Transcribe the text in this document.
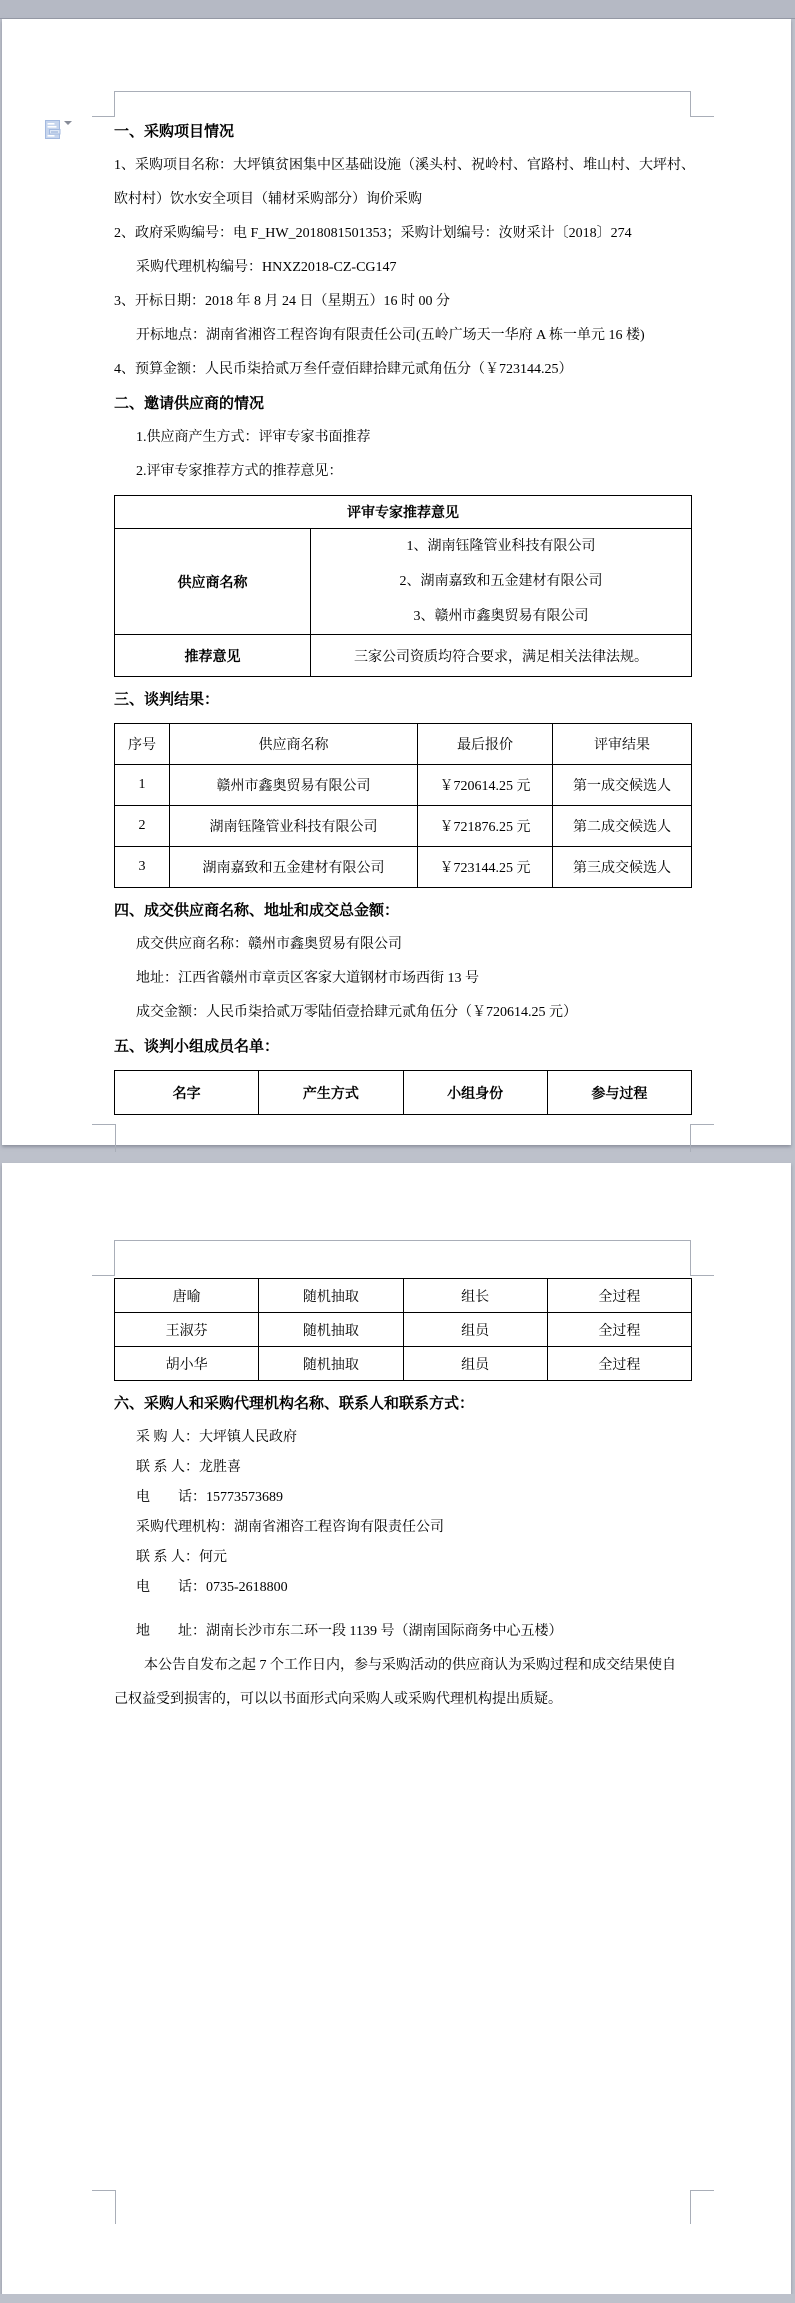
一、采购项目情况
1、采购项目名称：大坪镇贫困集中区基础设施（溪头村、祝岭村、官路村、堆山村、大坪村、
欧村村）饮水安全项目（辅材采购部分）询价采购
2、政府采购编号：电 F_HW_2018081501353；采购计划编号：汝财采计〔2018〕274
采购代理机构编号：HNXZ2018-CZ-CG147
3、开标日期：2018 年 8 月 24 日（星期五）16 时 00 分
开标地点：湖南省湘咨工程咨询有限责任公司(五岭广场天一华府 A 栋一单元 16 楼)
4、预算金额：人民币柒拾贰万叁仟壹佰肆拾肆元贰角伍分（￥723144.25）
二、邀请供应商的情况
1.供应商产生方式：评审专家书面推荐
2.评审专家推荐方式的推荐意见：
评审专家推荐意见	
供应商名称	1、湖南钰隆管业科技有限公司
2、湖南嘉致和五金建材有限公司
3、赣州市鑫奥贸易有限公司

推荐意见	三家公司资质均符合要求，满足相关法律法规。
三、谈判结果：
序号	供应商名称	最后报价	评审结果
1	赣州市鑫奥贸易有限公司	￥720614.25 元	第一成交候选人
2	湖南钰隆管业科技有限公司	￥721876.25 元	第二成交候选人
3	湖南嘉致和五金建材有限公司	￥723144.25 元	第三成交候选人
四、成交供应商名称、地址和成交总金额：
成交供应商名称：赣州市鑫奥贸易有限公司
地址：江西省赣州市章贡区客家大道钢材市场西街 13 号
成交金额：人民币柒拾贰万零陆佰壹拾肆元贰角伍分（￥720614.25 元）
五、谈判小组成员名单：
名字	产生方式	小组身份	参与过程
唐喻	随机抽取	组长	全过程
王淑芬	随机抽取	组员	全过程
胡小华	随机抽取	组员	全过程
六、采购人和采购代理机构名称、联系人和联系方式：
采 购 人：大坪镇人民政府
联 系 人：龙胜喜
电　　话：15773573689
采购代理机构：湖南省湘咨工程咨询有限责任公司
联 系 人：何元
电　　话：0735-2618800
地　　址：湖南长沙市东二环一段 1139 号（湖南国际商务中心五楼）
本公告自发布之起 7 个工作日内，参与采购活动的供应商认为采购过程和成交结果使自
己权益受到损害的，可以以书面形式向采购人或采购代理机构提出质疑。
